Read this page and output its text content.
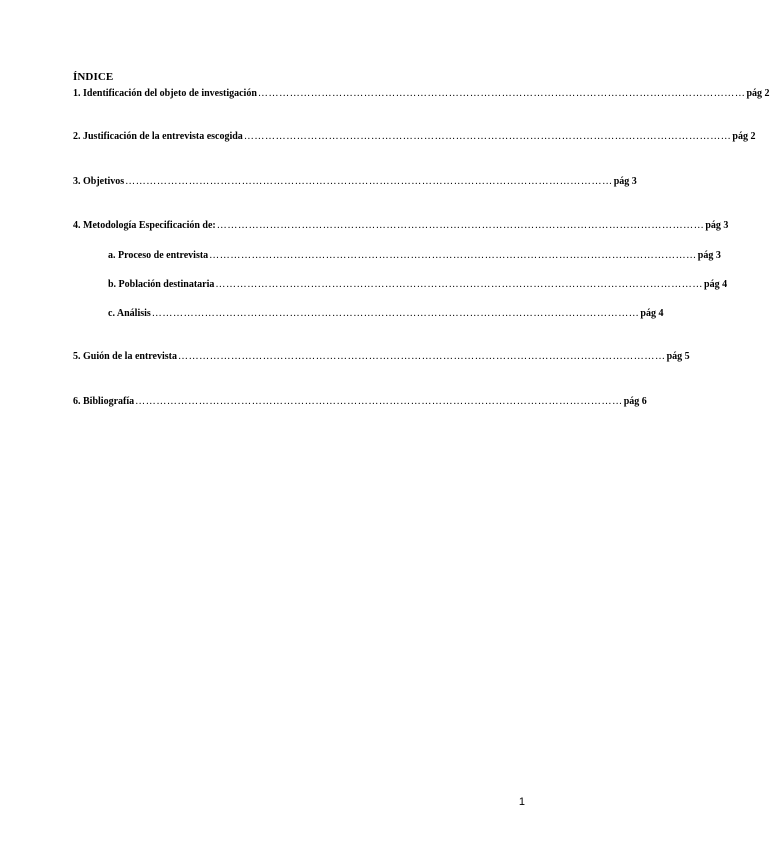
ÍNDICE
1. Identificación del objeto de investigación ………………………………………………………………………………………………………………………… pág 2
2. Justificación de la entrevista escogida ………………………………………………………………………………………………………………………… pág 2
3. Objetivos ………………………………………………………………………………………………………………………… pág 3
4. Metodología Especificación de: ………………………………………………………………………………………………………………………… pág 3
a. Proceso de entrevista ………………………………………………………………………………………………………………………… pág 3
b. Población destinataria ………………………………………………………………………………………………………………………… pág 4
c. Análisis ………………………………………………………………………………………………………………………… pág 4
5. Guión de la entrevista ………………………………………………………………………………………………………………………… pág 5
6. Bibliografía ………………………………………………………………………………………………………………………… pág 6
1
